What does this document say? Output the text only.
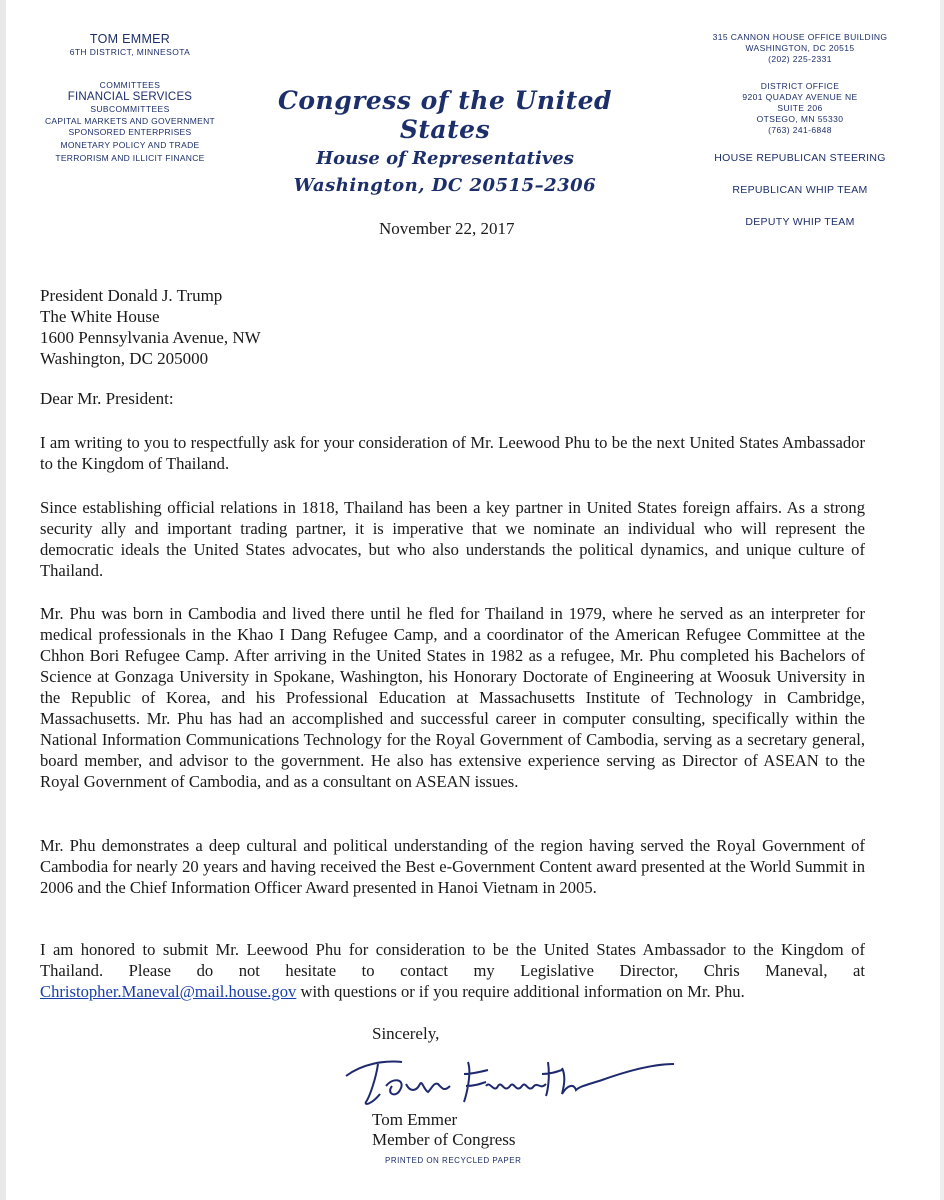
TOM EMMER
6TH DISTRICT, MINNESOTA
COMMITTEES
FINANCIAL SERVICES
SUBCOMMITTEES
CAPITAL MARKETS AND GOVERNMENT SPONSORED ENTERPRISES
MONETARY POLICY AND TRADE
TERRORISM AND ILLICIT FINANCE
Congress of the United States
House of Representatives
Washington, DC 20515–2306
315 CANNON HOUSE OFFICE BUILDING
WASHINGTON, DC 20515
(202) 225-2331
DISTRICT OFFICE
9201 QUADAY AVENUE NE
SUITE 206
OTSEGO, MN 55330
(763) 241-6848
HOUSE REPUBLICAN STEERING
REPUBLICAN WHIP TEAM
DEPUTY WHIP TEAM
November 22, 2017
President Donald J. Trump
The White House
1600 Pennsylvania Avenue, NW
Washington, DC 205000
Dear Mr. President:
I am writing to you to respectfully ask for your consideration of Mr. Leewood Phu to be the next United States Ambassador to the Kingdom of Thailand.
Since establishing official relations in 1818, Thailand has been a key partner in United States foreign affairs. As a strong security ally and important trading partner, it is imperative that we nominate an individual who will represent the democratic ideals the United States advocates, but who also understands the political dynamics, and unique culture of Thailand.
Mr. Phu was born in Cambodia and lived there until he fled for Thailand in 1979, where he served as an interpreter for medical professionals in the Khao I Dang Refugee Camp, and a coordinator of the American Refugee Committee at the Chhon Bori Refugee Camp. After arriving in the United States in 1982 as a refugee, Mr. Phu completed his Bachelors of Science at Gonzaga University in Spokane, Washington, his Honorary Doctorate of Engineering at Woosuk University in the Republic of Korea, and his Professional Education at Massachusetts Institute of Technology in Cambridge, Massachusetts. Mr. Phu has had an accomplished and successful career in computer consulting, specifically within the National Information Communications Technology for the Royal Government of Cambodia, serving as a secretary general, board member, and advisor to the government. He also has extensive experience serving as Director of ASEAN to the Royal Government of Cambodia, and as a consultant on ASEAN issues.
Mr. Phu demonstrates a deep cultural and political understanding of the region having served the Royal Government of Cambodia for nearly 20 years and having received the Best e-Government Content award presented at the World Summit in 2006 and the Chief Information Officer Award presented in Hanoi Vietnam in 2005.
I am honored to submit Mr. Leewood Phu for consideration to be the United States Ambassador to the Kingdom of Thailand. Please do not hesitate to contact my Legislative Director, Chris Maneval, at Christopher.Maneval@mail.house.gov with questions or if you require additional information on Mr. Phu.
Sincerely,
Tom Emmer
Member of Congress
PRINTED ON RECYCLED PAPER
